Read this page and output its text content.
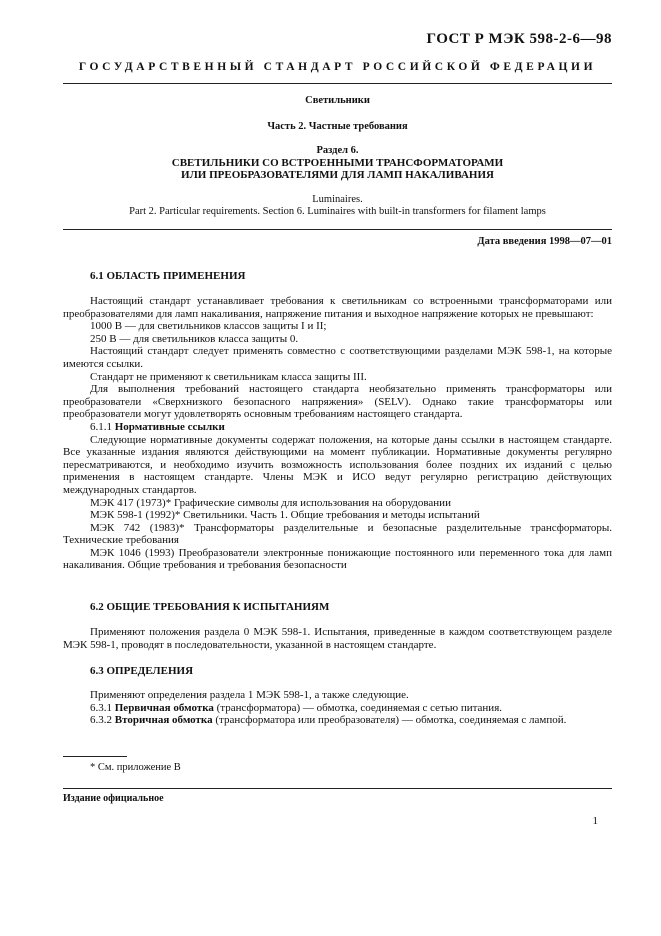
ГОСТ Р МЭК 598-2-6—98
ГОСУДАРСТВЕННЫЙ СТАНДАРТ РОССИЙСКОЙ ФЕДЕРАЦИИ
Светильники
Часть 2. Частные требования
Раздел 6.
СВЕТИЛЬНИКИ СО ВСТРОЕННЫМИ ТРАНСФОРМАТОРАМИ
ИЛИ ПРЕОБРАЗОВАТЕЛЯМИ ДЛЯ ЛАМП НАКАЛИВАНИЯ
Luminaires.
Part 2. Particular requirements. Section 6. Luminaires with built-in transformers for filament lamps
Дата введения 1998—07—01
6.1 ОБЛАСТЬ ПРИМЕНЕНИЯ

Настоящий стандарт устанавливает требования к светильникам со встроенными трансформаторами или преобразователями для ламп накаливания, напряжение питания и выходное напряжение которых не превышают:

1000 В — для светильников классов защиты I и II;

250 В — для светильников класса защиты 0.

Настоящий стандарт следует применять совместно с соответствующими разделами МЭК 598-1, на которые имеются ссылки.

Стандарт не применяют к светильникам класса защиты III.

Для выполнения требований настоящего стандарта необязательно применять трансформаторы или преобразователи «Сверхнизкого безопасного напряжения» (SELV). Однако такие трансформаторы или преобразователи могут удовлетворять основным требованиям настоящего стандарта.

6.1.1 Нормативные ссылки

Следующие нормативные документы содержат положения, на которые даны ссылки в настоящем стандарте. Все указанные издания являются действующими на момент публикации. Нормативные документы регулярно пересматриваются, и необходимо изучить возможность использования более поздних их изданий с целью применения в настоящем стандарте. Члены МЭК и ИСО ведут регулярно регистрацию действующих международных стандартов.

МЭК 417 (1973)* Графические символы для использования на оборудовании

МЭК 598-1 (1992)* Светильники. Часть 1. Общие требования и методы испытаний

МЭК 742 (1983)* Трансформаторы разделительные и безопасные разделительные трансформаторы. Технические требования

МЭК 1046 (1993) Преобразователи электронные понижающие постоянного или переменного тока для ламп накаливания. Общие требования и требования безопасности

6.2 ОБЩИЕ ТРЕБОВАНИЯ К ИСПЫТАНИЯМ

Применяют положения раздела 0 МЭК 598-1. Испытания, приведенные в каждом соответствующем разделе МЭК 598-1, проводят в последовательности, указанной в настоящем стандарте.

6.3 ОПРЕДЕЛЕНИЯ

Применяют определения раздела 1 МЭК 598-1, а также следующие.

6.3.1 Первичная обмотка (трансформатора) — обмотка, соединяемая с сетью питания.

6.3.2 Вторичная обмотка (трансформатора или преобразователя) — обмотка, соединяемая с лампой.

* См. приложение В
Издание официальное
1
